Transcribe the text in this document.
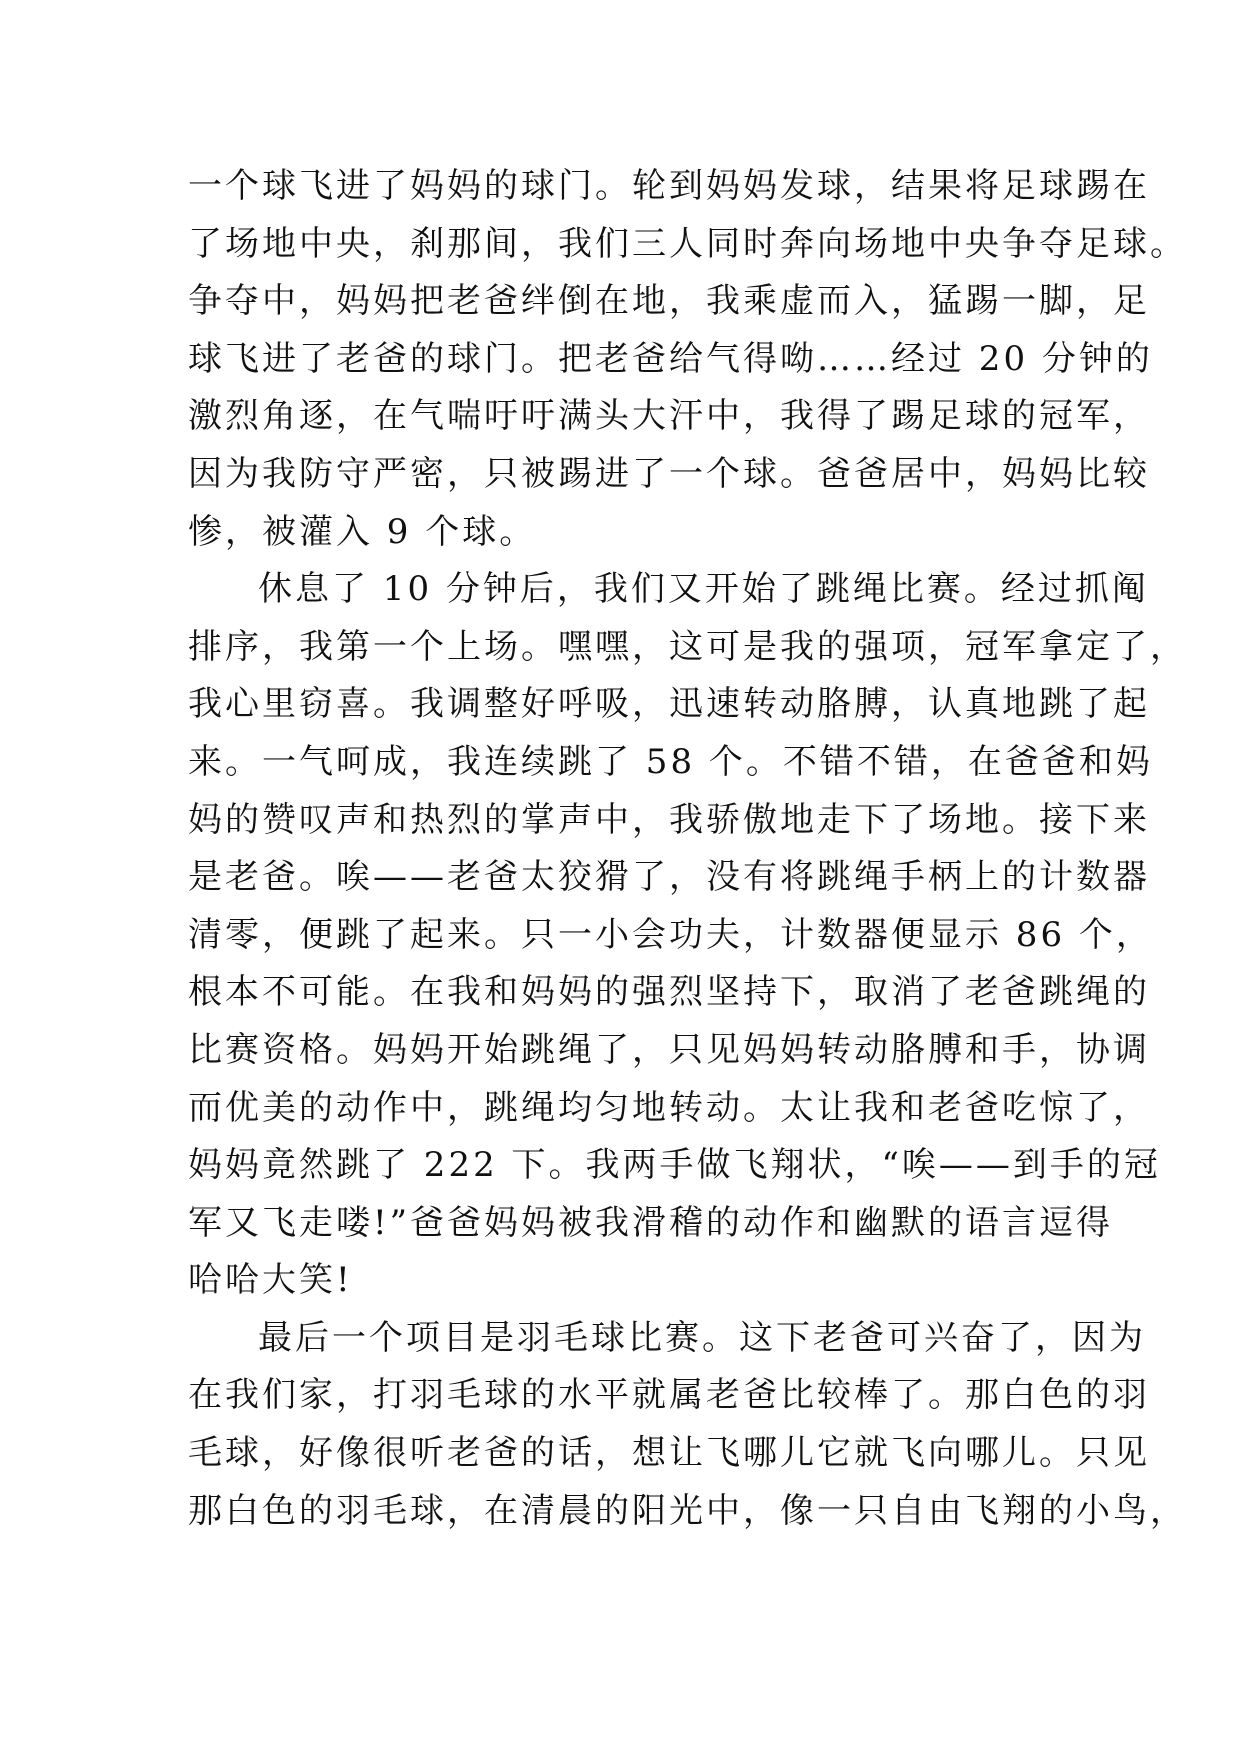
一个球飞进了妈妈的球门。轮到妈妈发球，结果将足球踢在
了场地中央，刹那间，我们三人同时奔向场地中央争夺足球。
争夺中，妈妈把老爸绊倒在地，我乘虚而入，猛踢一脚，足
球飞进了老爸的球门。把老爸给气得呦……经过 20 分钟的
激烈角逐，在气喘吁吁满头大汗中，我得了踢足球的冠军，
因为我防守严密，只被踢进了一个球。爸爸居中，妈妈比较
惨，被灌入 9 个球。
休息了 10 分钟后，我们又开始了跳绳比赛。经过抓阄
排序，我第一个上场。嘿嘿，这可是我的强项，冠军拿定了，
我心里窃喜。我调整好呼吸，迅速转动胳膊，认真地跳了起
来。一气呵成，我连续跳了 58 个。不错不错，在爸爸和妈
妈的赞叹声和热烈的掌声中，我骄傲地走下了场地。接下来
是老爸。唉——老爸太狡猾了，没有将跳绳手柄上的计数器
清零，便跳了起来。只一小会功夫，计数器便显示 86 个，
根本不可能。在我和妈妈的强烈坚持下，取消了老爸跳绳的
比赛资格。妈妈开始跳绳了，只见妈妈转动胳膊和手，协调
而优美的动作中，跳绳均匀地转动。太让我和老爸吃惊了，
妈妈竟然跳了 222 下。我两手做飞翔状，“唉——到手的冠
军又飞走喽!”爸爸妈妈被我滑稽的动作和幽默的语言逗得
哈哈大笑!
最后一个项目是羽毛球比赛。这下老爸可兴奋了，因为
在我们家，打羽毛球的水平就属老爸比较棒了。那白色的羽
毛球，好像很听老爸的话，想让飞哪儿它就飞向哪儿。只见
那白色的羽毛球，在清晨的阳光中，像一只自由飞翔的小鸟，
